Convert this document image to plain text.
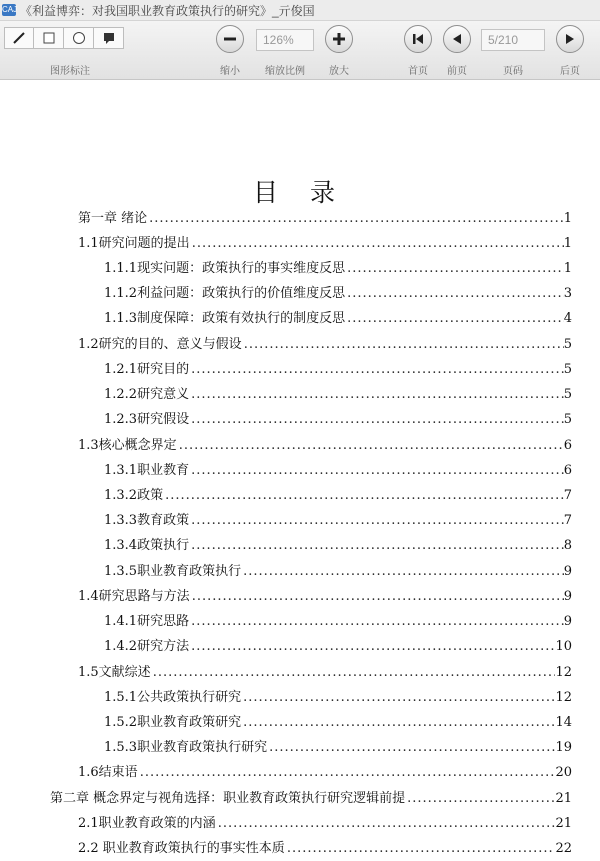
CAJ 《利益博弈：对我国职业教育政策执行的研究》_亓俊国
图形标注	缩小
126%
缩放比例	放大	首页	前页
5/210
页码	后页
目 录
第一章 绪论 .....	1
1.1研究问题的提出 .....	1
1.1.1现实问题：政策执行的事实维度反思 .....	1
1.1.2利益问题：政策执行的价值维度反思 .....	3
1.1.3制度保障：政策有效执行的制度反思 .....	4
1.2研究的目的、意义与假设 .....	5
1.2.1研究目的 .....	5
1.2.2研究意义 .....	5
1.2.3研究假设 .....	5
1.3核心概念界定 .....	6
1.3.1职业教育 .....	6
1.3.2政策 .....	7
1.3.3教育政策 .....	7
1.3.4政策执行 .....	8
1.3.5职业教育政策执行 .....	9
1.4研究思路与方法 .....	9
1.4.1研究思路 .....	9
1.4.2研究方法 .....	10
1.5文献综述 .....	12
1.5.1公共政策执行研究 .....	12
1.5.2职业教育政策研究 .....	14
1.5.3职业教育政策执行研究 .....	19
1.6结束语 .....	20
第二章 概念界定与视角选择：职业教育政策执行研究逻辑前提 .....	21
2.1职业教育政策的内涵 .....	21
2.2 职业教育政策执行的事实性本质 .....	22
